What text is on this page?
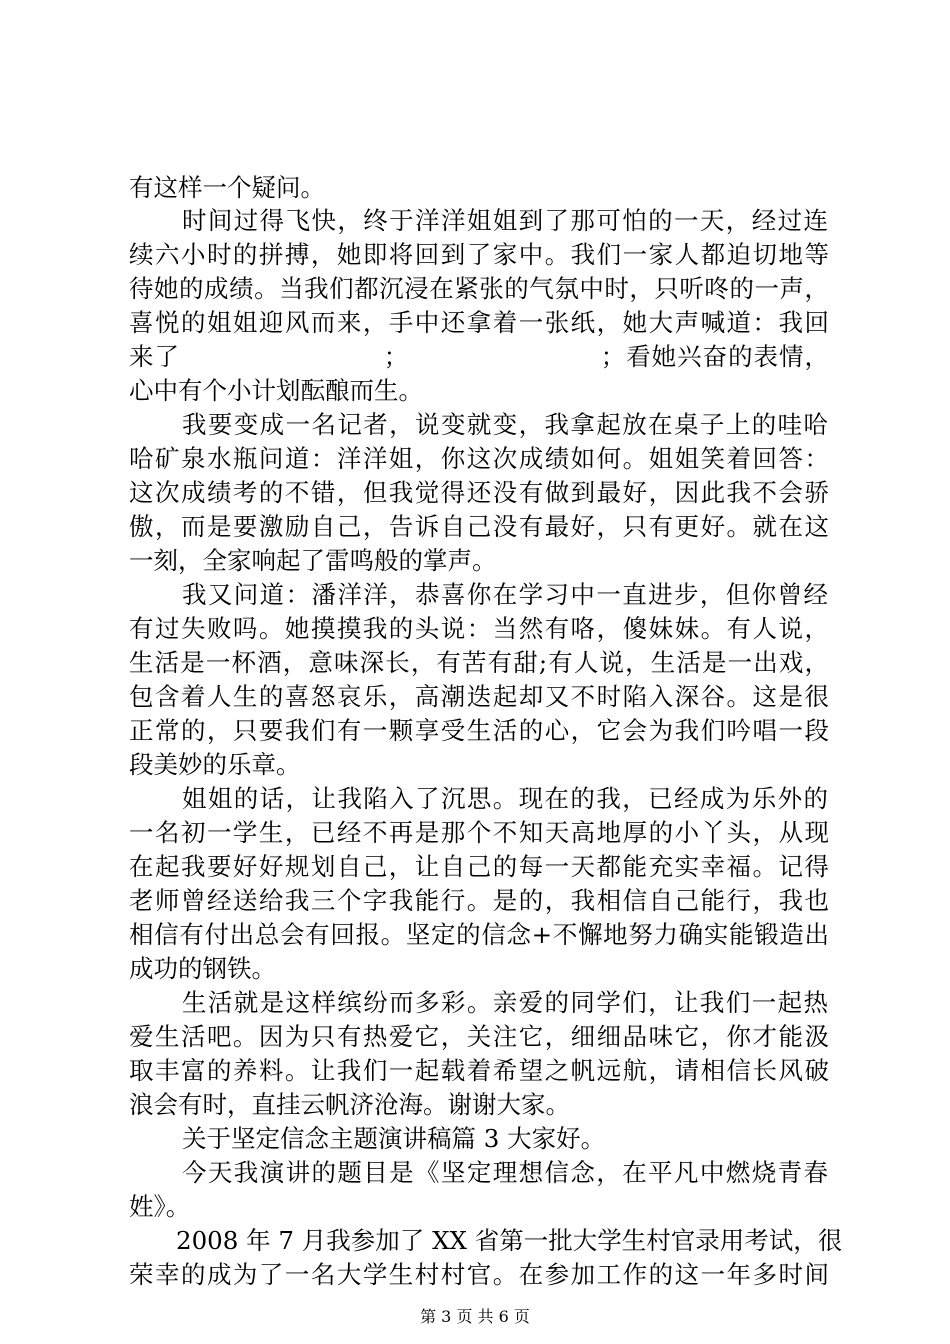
有这样一个疑问。
时间过得飞快，终于洋洋姐姐到了那可怕的一天，经过连
续六小时的拼搏，她即将回到了家中。我们一家人都迫切地等
待她的成绩。当我们都沉浸在紧张的气氛中时，只听咚的一声，
喜悦的姐姐迎风而来，手中还拿着一张纸，她大声喊道：我回
来了　　　　　　　　；　　　　　　　　；看她兴奋的表情，
心中有个小计划酝酿而生。
我要变成一名记者，说变就变，我拿起放在桌子上的哇哈
哈矿泉水瓶问道：洋洋姐，你这次成绩如何。姐姐笑着回答：
这次成绩考的不错，但我觉得还没有做到最好，因此我不会骄
傲，而是要激励自己，告诉自己没有最好，只有更好。就在这
一刻，全家响起了雷鸣般的掌声。
我又问道：潘洋洋，恭喜你在学习中一直进步，但你曾经
有过失败吗。她摸摸我的头说：当然有咯，傻妹妹。有人说，
生活是一杯酒，意味深长，有苦有甜;有人说，生活是一出戏，
包含着人生的喜怒哀乐，高潮迭起却又不时陷入深谷。这是很
正常的，只要我们有一颗享受生活的心，它会为我们吟唱一段
段美妙的乐章。
姐姐的话，让我陷入了沉思。现在的我，已经成为乐外的
一名初一学生，已经不再是那个不知天高地厚的小丫头，从现
在起我要好好规划自己，让自己的每一天都能充实幸福。记得
老师曾经送给我三个字我能行。是的，我相信自己能行，我也
相信有付出总会有回报。坚定的信念+不懈地努力确实能锻造出
成功的钢铁。
生活就是这样缤纷而多彩。亲爱的同学们，让我们一起热
爱生活吧。因为只有热爱它，关注它，细细品味它，你才能汲
取丰富的养料。让我们一起载着希望之帆远航，请相信长风破
浪会有时，直挂云帆济沧海。谢谢大家。
关于坚定信念主题演讲稿篇 3 大家好。
今天我演讲的题目是《坚定理想信念，在平凡中燃烧青春
姓》。
2008 年 7 月我参加了 XX 省第一批大学生村官录用考试，很
荣幸的成为了一名大学生村村官。在参加工作的这一年多时间
第 3 页 共 6 页
